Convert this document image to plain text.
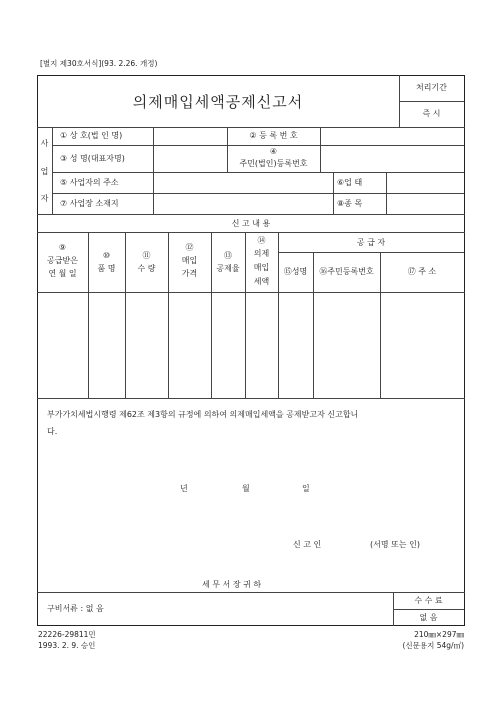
[별지 제30호서식](93. 2.26. 개정)
의제매입세액공제신고서
처리기간
즉 시
사
업
자
① 상 호(법 인 명)	② 등 록 번 호
③ 성 명(대표자명)
④
주민(법인)등록번호
⑤ 사업자의 주소	⑥업 태
⑦ 사업장 소재지	⑧종 목
신 고 내 용
⑨
공급받은
연 월 일
⑩
품 명
⑪
수 량
⑫
매입
가격
⑬
공제율
⑭
의제
매입
세액
공 급 자
⑮성명	⑯주민등록번호	⑰ 주 소
부가가치세법시행령 제62조 제3항의 규정에 의하여 의제매입세액을 공제받고자 신고합니
다.
년	월	일
신 고 인	(서명 또는 인)
세 무 서 장 귀 하
구비서류 : 없 음
수 수 료
없 음
22226-29811민
1993. 2. 9. 승인
210㎜×297㎜
(신문용지 54g/㎡)
